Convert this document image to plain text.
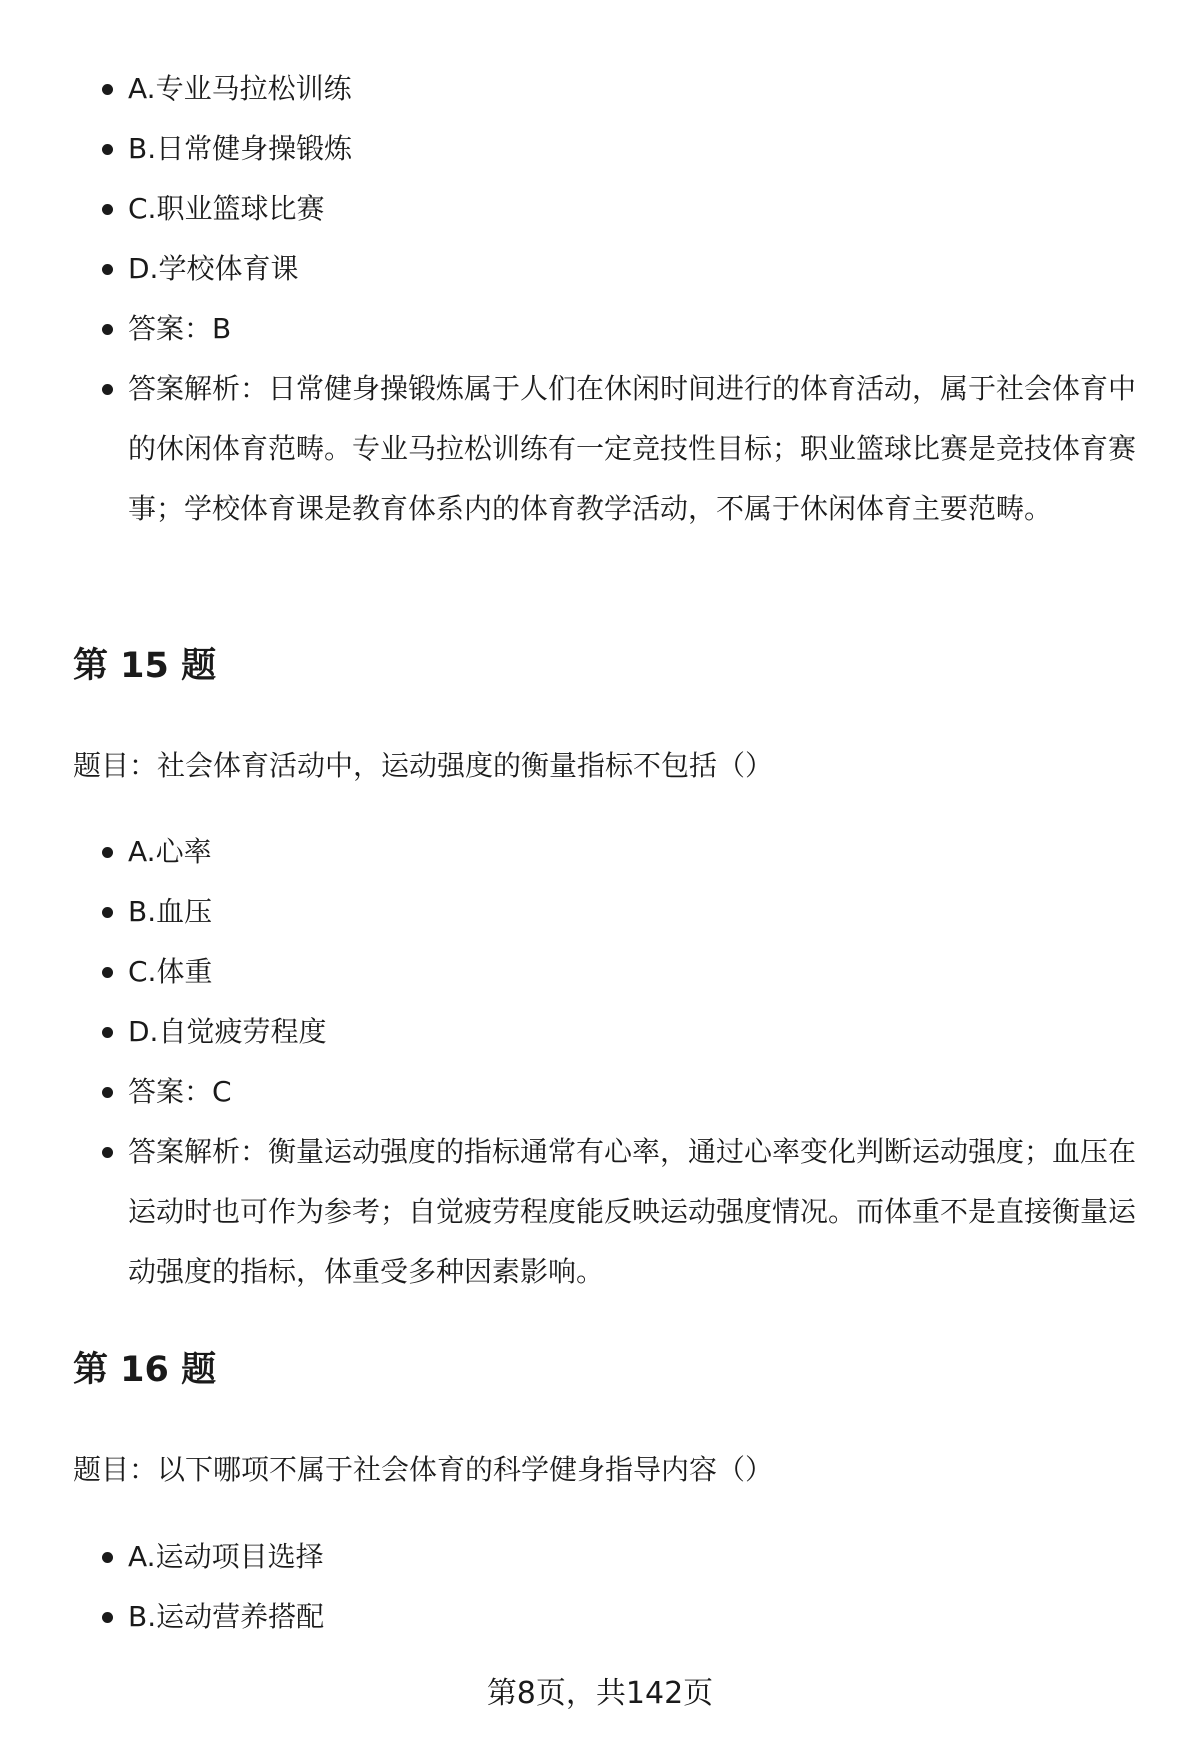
A.专业马拉松训练
B.日常健身操锻炼
C.职业篮球比赛
D.学校体育课
答案：B
答案解析：日常健身操锻炼属于人们在休闲时间进行的体育活动，属于社会体育中的休闲体育范畴。专业马拉松训练有一定竞技性目标；职业篮球比赛是竞技体育赛事；学校体育课是教育体系内的体育教学活动，不属于休闲体育主要范畴。
第 15 题

题目：社会体育活动中，运动强度的衡量指标不包括（）

A.心率
B.血压
C.体重
D.自觉疲劳程度
答案：C
答案解析：衡量运动强度的指标通常有心率，通过心率变化判断运动强度；血压在运动时也可作为参考；自觉疲劳程度能反映运动强度情况。而体重不是直接衡量运动强度的指标，体重受多种因素影响。
第 16 题

题目：以下哪项不属于社会体育的科学健身指导内容（）

A.运动项目选择
B.运动营养搭配
第8页，共142页
